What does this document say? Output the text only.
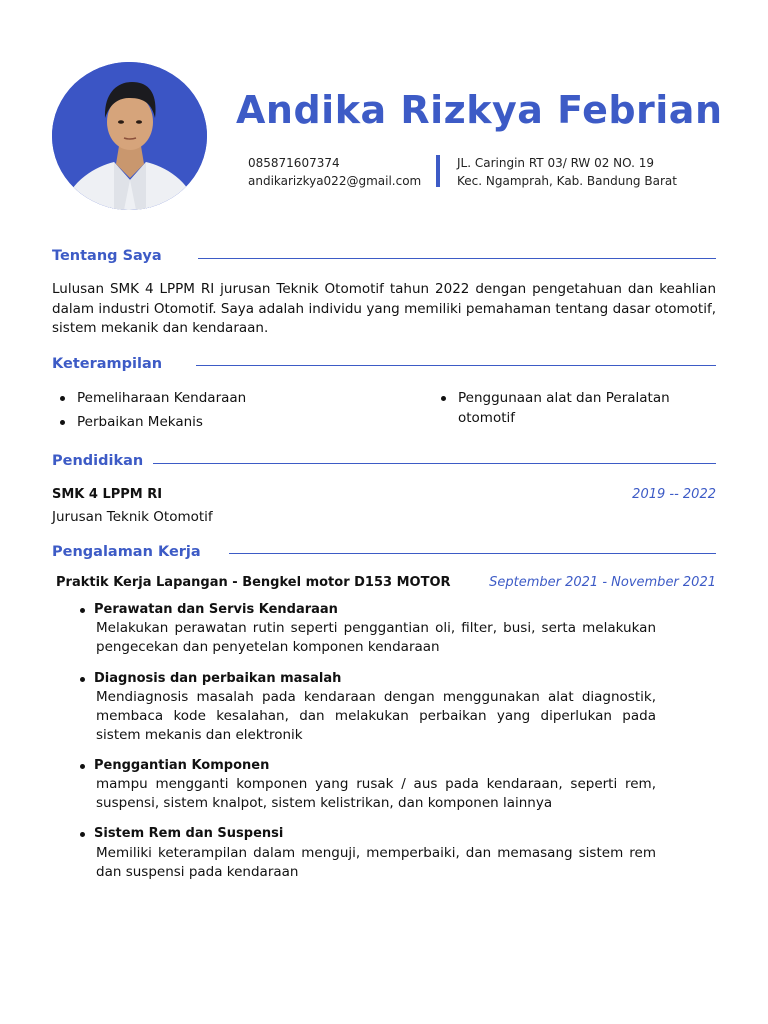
Andika Rizkya Febrian
085871607374
andikarizkya022@gmail.com
JL. Caringin RT 03/ RW 02 NO. 19
Kec. Ngamprah, Kab. Bandung Barat
Tentang Saya
Lulusan SMK 4 LPPM RI jurusan Teknik Otomotif tahun 2022 dengan pengetahuan dan keahlian dalam industri Otomotif. Saya adalah individu yang memiliki pemahaman tentang dasar otomotif, sistem mekanik dan kendaraan.
Keterampilan
Pemeliharaan Kendaraan
Perbaikan Mekanis
Penggunaan alat dan Peralatan otomotif
Pendidikan
SMK 4 LPPM RI	2019 -- 2022
Jurusan Teknik Otomotif
Pengalaman Kerja
Praktik Kerja Lapangan - Bengkel motor D153 MOTOR	September 2021 - November 2021
Perawatan dan Servis Kendaraan
Melakukan perawatan rutin seperti penggantian oli, filter, busi, serta melakukan pengecekan dan penyetelan komponen kendaraan
Diagnosis dan perbaikan masalah
Mendiagnosis masalah pada kendaraan dengan menggunakan alat diagnostik, membaca kode kesalahan, dan melakukan perbaikan yang diperlukan pada sistem mekanis dan elektronik
Penggantian Komponen
mampu mengganti komponen yang rusak / aus pada kendaraan, seperti rem, suspensi, sistem knalpot, sistem kelistrikan, dan komponen lainnya
Sistem Rem dan Suspensi
Memiliki keterampilan dalam menguji, memperbaiki, dan memasang sistem rem dan suspensi pada kendaraan
